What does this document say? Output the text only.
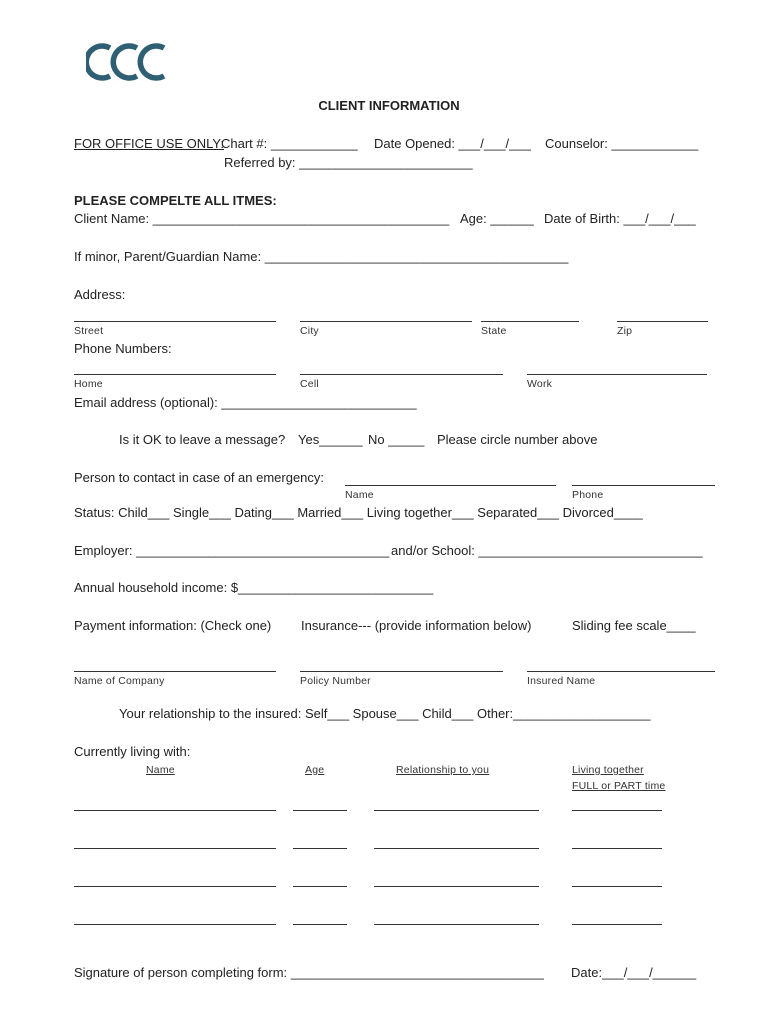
CLIENT INFORMATION
FOR OFFICE USE ONLY:
Chart #: ____________ Date Opened: ___/___/___ Counselor: ____________
Referred by: ________________________
PLEASE COMPELTE ALL ITMES:
Client Name: _________________________________________ Age: ______ Date of Birth: ___/___/___
If minor, Parent/Guardian Name: __________________________________________
Address:
Street	City	State	Zip
Phone Numbers:
Home	Cell	Work
Email address (optional): ___________________________
Is it OK to leave a message? Yes______ No _____ Please circle number above
Person to contact in case of an emergency:
Name	Phone
Status: Child___ Single___ Dating___ Married___ Living together___ Separated___ Divorced____
Employer: ___________________________________ and/or School: _______________________________
Annual household income: $___________________________
Payment information: (Check one) Insurance--- (provide information below)	Sliding fee scale____
Name of Company	Policy Number	Insured Name
Your relationship to the insured: Self___ Spouse___ Child___ Other:___________________
Currently living with:
Name	Age	Relationship to you	Living together
FULL or PART time
Signature of person completing form: ___________________________________ Date:___/___/______
